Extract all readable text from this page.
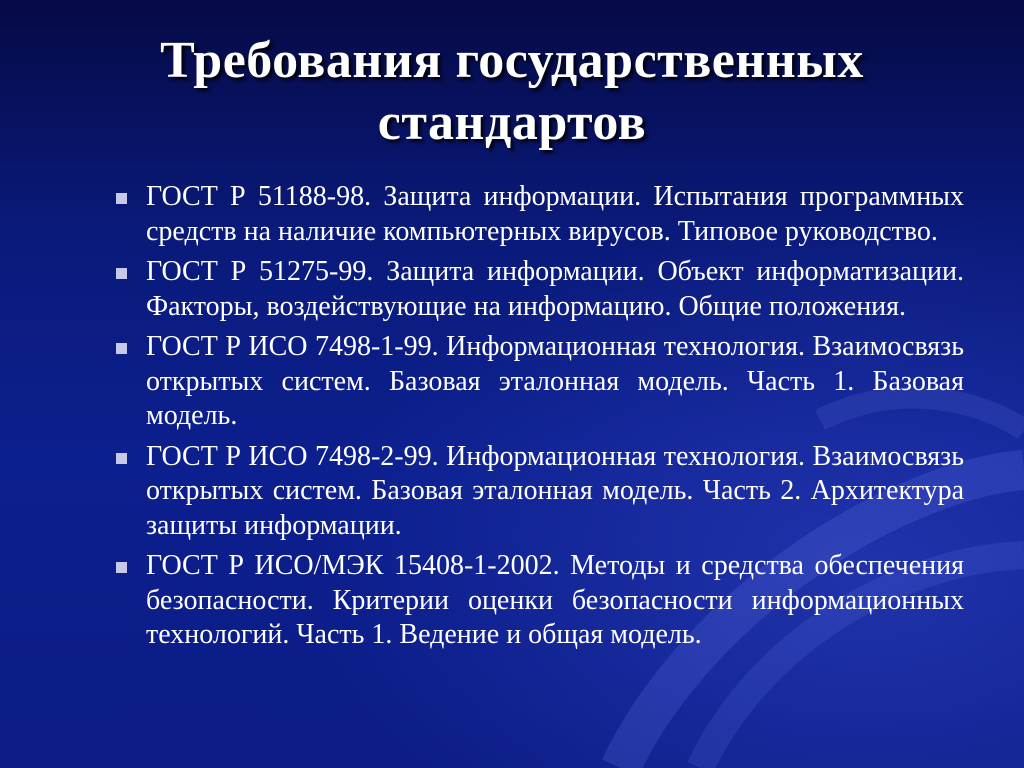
Требования государственных стандартов
ГОСТ Р 51188-98. Защита информации. Испытания программных средств на наличие компьютерных вирусов. Типовое руководство.
ГОСТ Р 51275-99. Защита информации. Объект информатизации. Факторы, воздействующие на информацию. Общие положения.
ГОСТ Р ИСО 7498-1-99. Информационная технология. Взаимосвязь открытых систем. Базовая эталонная модель. Часть 1. Базовая модель.
ГОСТ Р ИСО 7498-2-99. Информационная технология. Взаимосвязь открытых систем. Базовая эталонная модель. Часть 2. Архитектура защиты информации.
ГОСТ Р ИСО/МЭК 15408-1-2002. Методы и средства обеспечения безопасности. Критерии оценки безопасности информационных технологий. Часть 1. Ведение и общая модель.
